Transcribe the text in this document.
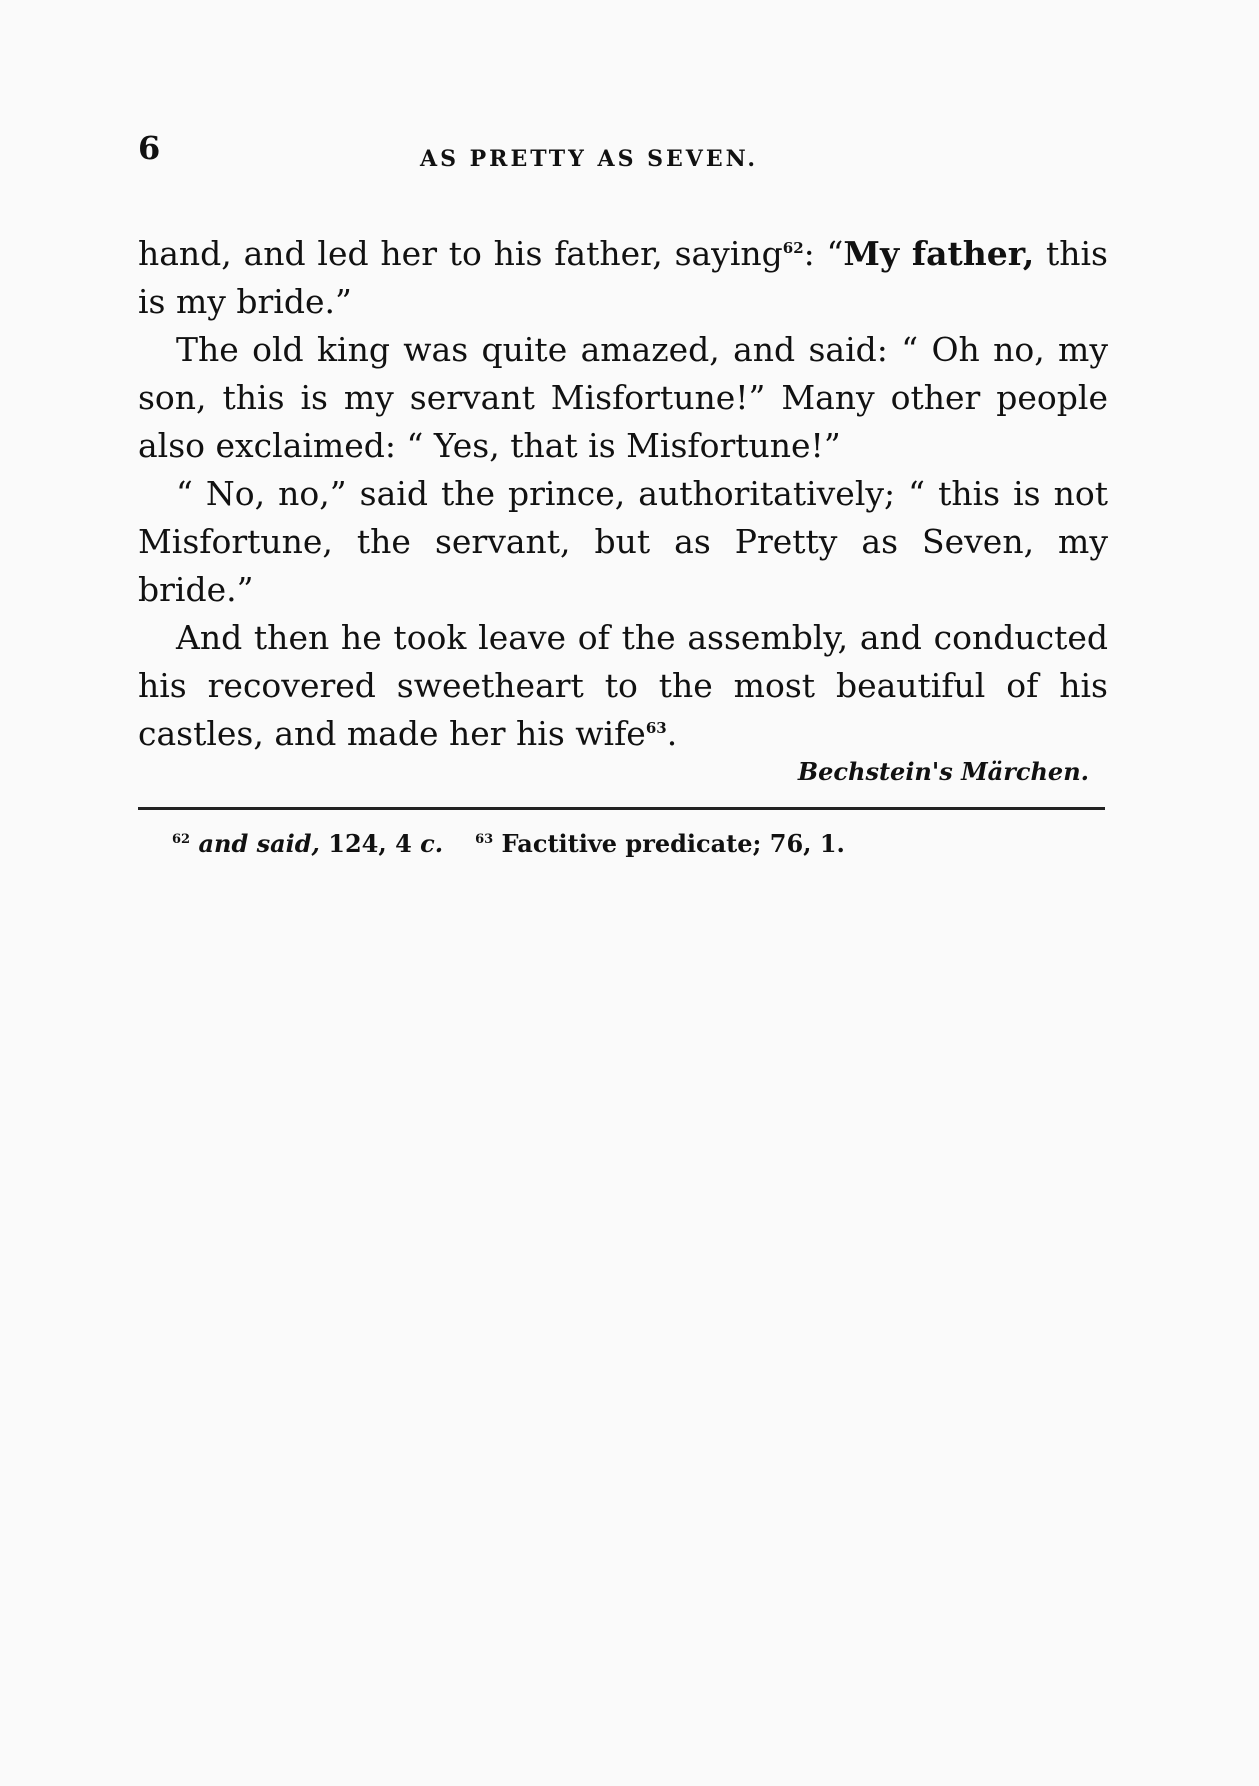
6	AS PRETTY AS SEVEN.

hand, and led her to his father, saying$^{62}$: “My father, this is my bride.”

The old king was quite amazed, and said: “ Oh no, my son, this is my servant Misfortune!” Many other people also exclaimed: “ Yes, that is Misfortune!”

“ No, no,” said the prince, authoritatively; “ this is not Misfortune, the servant, but as Pretty as Seven, my bride.”

And then he took leave of the assembly, and conducted his recovered sweetheart to the most beautiful of his castles, and made her his wife$^{63}$.

Bechstein's Märchen.
$^{62}$ and said, 124, 4 c. $^{63}$ Factitive predicate; 76, 1.
